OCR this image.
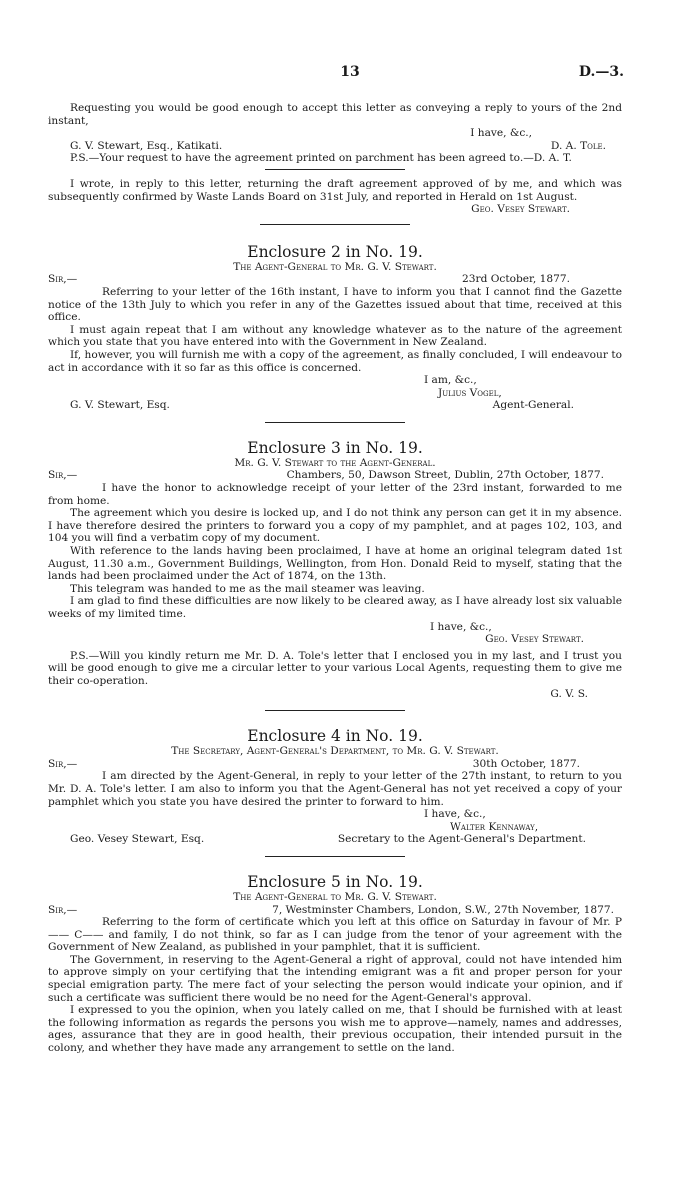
13	D.—3.

Requesting you would be good enough to accept this letter as conveying a reply to yours of the 2nd instant,

I have, &c.,
G. V. Stewart, Esq., Katikati.	D. A. Tole.

P.S.—Your request to have the agreement printed on parchment has been agreed to.—D. A. T.

I wrote, in reply to this letter, returning the draft agreement approved of by me, and which was subsequently confirmed by Waste Lands Board on 31st July, and reported in Herald on 1st August.

Geo. Vesey Stewart.
Enclosure 2 in No. 19.
The Agent-General to Mr. G. V. Stewart.
Sir,—	23rd October, 1877.

Referring to your letter of the 16th instant, I have to inform you that I cannot find the Gazette notice of the 13th July to which you refer in any of the Gazettes issued about that time, received at this office.

I must again repeat that I am without any knowledge whatever as to the nature of the agreement which you state that you have entered into with the Government in New Zealand.

If, however, you will furnish me with a copy of the agreement, as finally concluded, I will endeavour to act in accordance with it so far as this office is concerned.

I am, &c.,
Julius Vogel,
G. V. Stewart, Esq.	Agent-General.
Enclosure 3 in No. 19.
Mr. G. V. Stewart to the Agent-General.
Sir,—	Chambers, 50, Dawson Street, Dublin, 27th October, 1877.

I have the honor to acknowledge receipt of your letter of the 23rd instant, forwarded to me from home.

The agreement which you desire is locked up, and I do not think any person can get it in my absence. I have therefore desired the printers to forward you a copy of my pamphlet, and at pages 102, 103, and 104 you will find a verbatim copy of my document.

With reference to the lands having been proclaimed, I have at home an original telegram dated 1st August, 11.30 a.m., Government Buildings, Wellington, from Hon. Donald Reid to myself, stating that the lands had been proclaimed under the Act of 1874, on the 13th.

This telegram was handed to me as the mail steamer was leaving.

I am glad to find these difficulties are now likely to be cleared away, as I have already lost six valuable weeks of my limited time.

I have, &c.,
Geo. Vesey Stewart.

P.S.—Will you kindly return me Mr. D. A. Tole's letter that I enclosed you in my last, and I trust you will be good enough to give me a circular letter to your various Local Agents, requesting them to give me their co-operation.

G. V. S.
Enclosure 4 in No. 19.
The Secretary, Agent-General's Department, to Mr. G. V. Stewart.
Sir,—	30th October, 1877.

I am directed by the Agent-General, in reply to your letter of the 27th instant, to return to you Mr. D. A. Tole's letter. I am also to inform you that the Agent-General has not yet received a copy of your pamphlet which you state you have desired the printer to forward to him.

I have, &c.,
Walter Kennaway,
Geo. Vesey Stewart, Esq.	Secretary to the Agent-General's Department.
Enclosure 5 in No. 19.
The Agent-General to Mr. G. V. Stewart.
Sir,—	7, Westminster Chambers, London, S.W., 27th November, 1877.

Referring to the form of certificate which you left at this office on Saturday in favour of Mr. P—— C—— and family, I do not think, so far as I can judge from the tenor of your agreement with the Government of New Zealand, as published in your pamphlet, that it is sufficient.

The Government, in reserving to the Agent-General a right of approval, could not have intended him to approve simply on your certifying that the intending emigrant was a fit and proper person for your special emigration party. The mere fact of your selecting the person would indicate your opinion, and if such a certificate was sufficient there would be no need for the Agent-General's approval.

I expressed to you the opinion, when you lately called on me, that I should be furnished with at least the following information as regards the persons you wish me to approve—namely, names and addresses, ages, assurance that they are in good health, their previous occupation, their intended pursuit in the colony, and whether they have made any arrangement to settle on the land.
